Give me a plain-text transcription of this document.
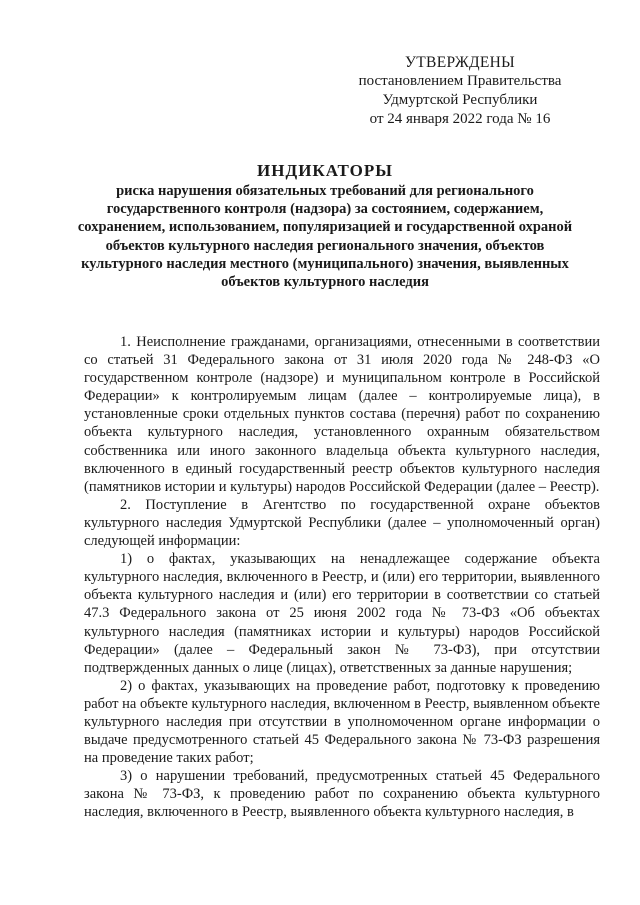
УТВЕРЖДЕНЫ
постановлением Правительства
Удмуртской Республики
от 24 января 2022 года № 16
ИНДИКАТОРЫ
риска нарушения обязательных требований для регионального государственного контроля (надзора) за состоянием, содержанием, сохранением, использованием, популяризацией и государственной охраной объектов культурного наследия регионального значения, объектов культурного наследия местного (муниципального) значения, выявленных объектов культурного наследия

1. Неисполнение гражданами, организациями, отнесенными в соответствии со статьей 31 Федерального закона от 31 июля 2020 года № 248-ФЗ «О государственном контроле (надзоре) и муниципальном контроле в Российской Федерации» к контролируемым лицам (далее – контролируемые лица), в установленные сроки отдельных пунктов состава (перечня) работ по сохранению объекта культурного наследия, установленного охранным обязательством собственника или иного законного владельца объекта культурного наследия, включенного в единый государственный реестр объектов культурного наследия (памятников истории и культуры) народов Российской Федерации (далее – Реестр).

2. Поступление в Агентство по государственной охране объектов культурного наследия Удмуртской Республики (далее – уполномоченный орган) следующей информации:

1) о фактах, указывающих на ненадлежащее содержание объекта культурного наследия, включенного в Реестр, и (или) его территории, выявленного объекта культурного наследия и (или) его территории в соответствии со статьей 47.3 Федерального закона от 25 июня 2002 года № 73-ФЗ «Об объектах культурного наследия (памятниках истории и культуры) народов Российской Федерации» (далее – Федеральный закон № 73-ФЗ), при отсутствии подтвержденных данных о лице (лицах), ответственных за данные нарушения;

2) о фактах, указывающих на проведение работ, подготовку к проведению работ на объекте культурного наследия, включенном в Реестр, выявленном объекте культурного наследия при отсутствии в уполномоченном органе информации о выдаче предусмотренного статьей 45 Федерального закона № 73-ФЗ разрешения на проведение таких работ;

3) о нарушении требований, предусмотренных статьей 45 Федерального закона № 73-ФЗ, к проведению работ по сохранению объекта культурного наследия, включенного в Реестр, выявленного объекта культурного наследия, в
